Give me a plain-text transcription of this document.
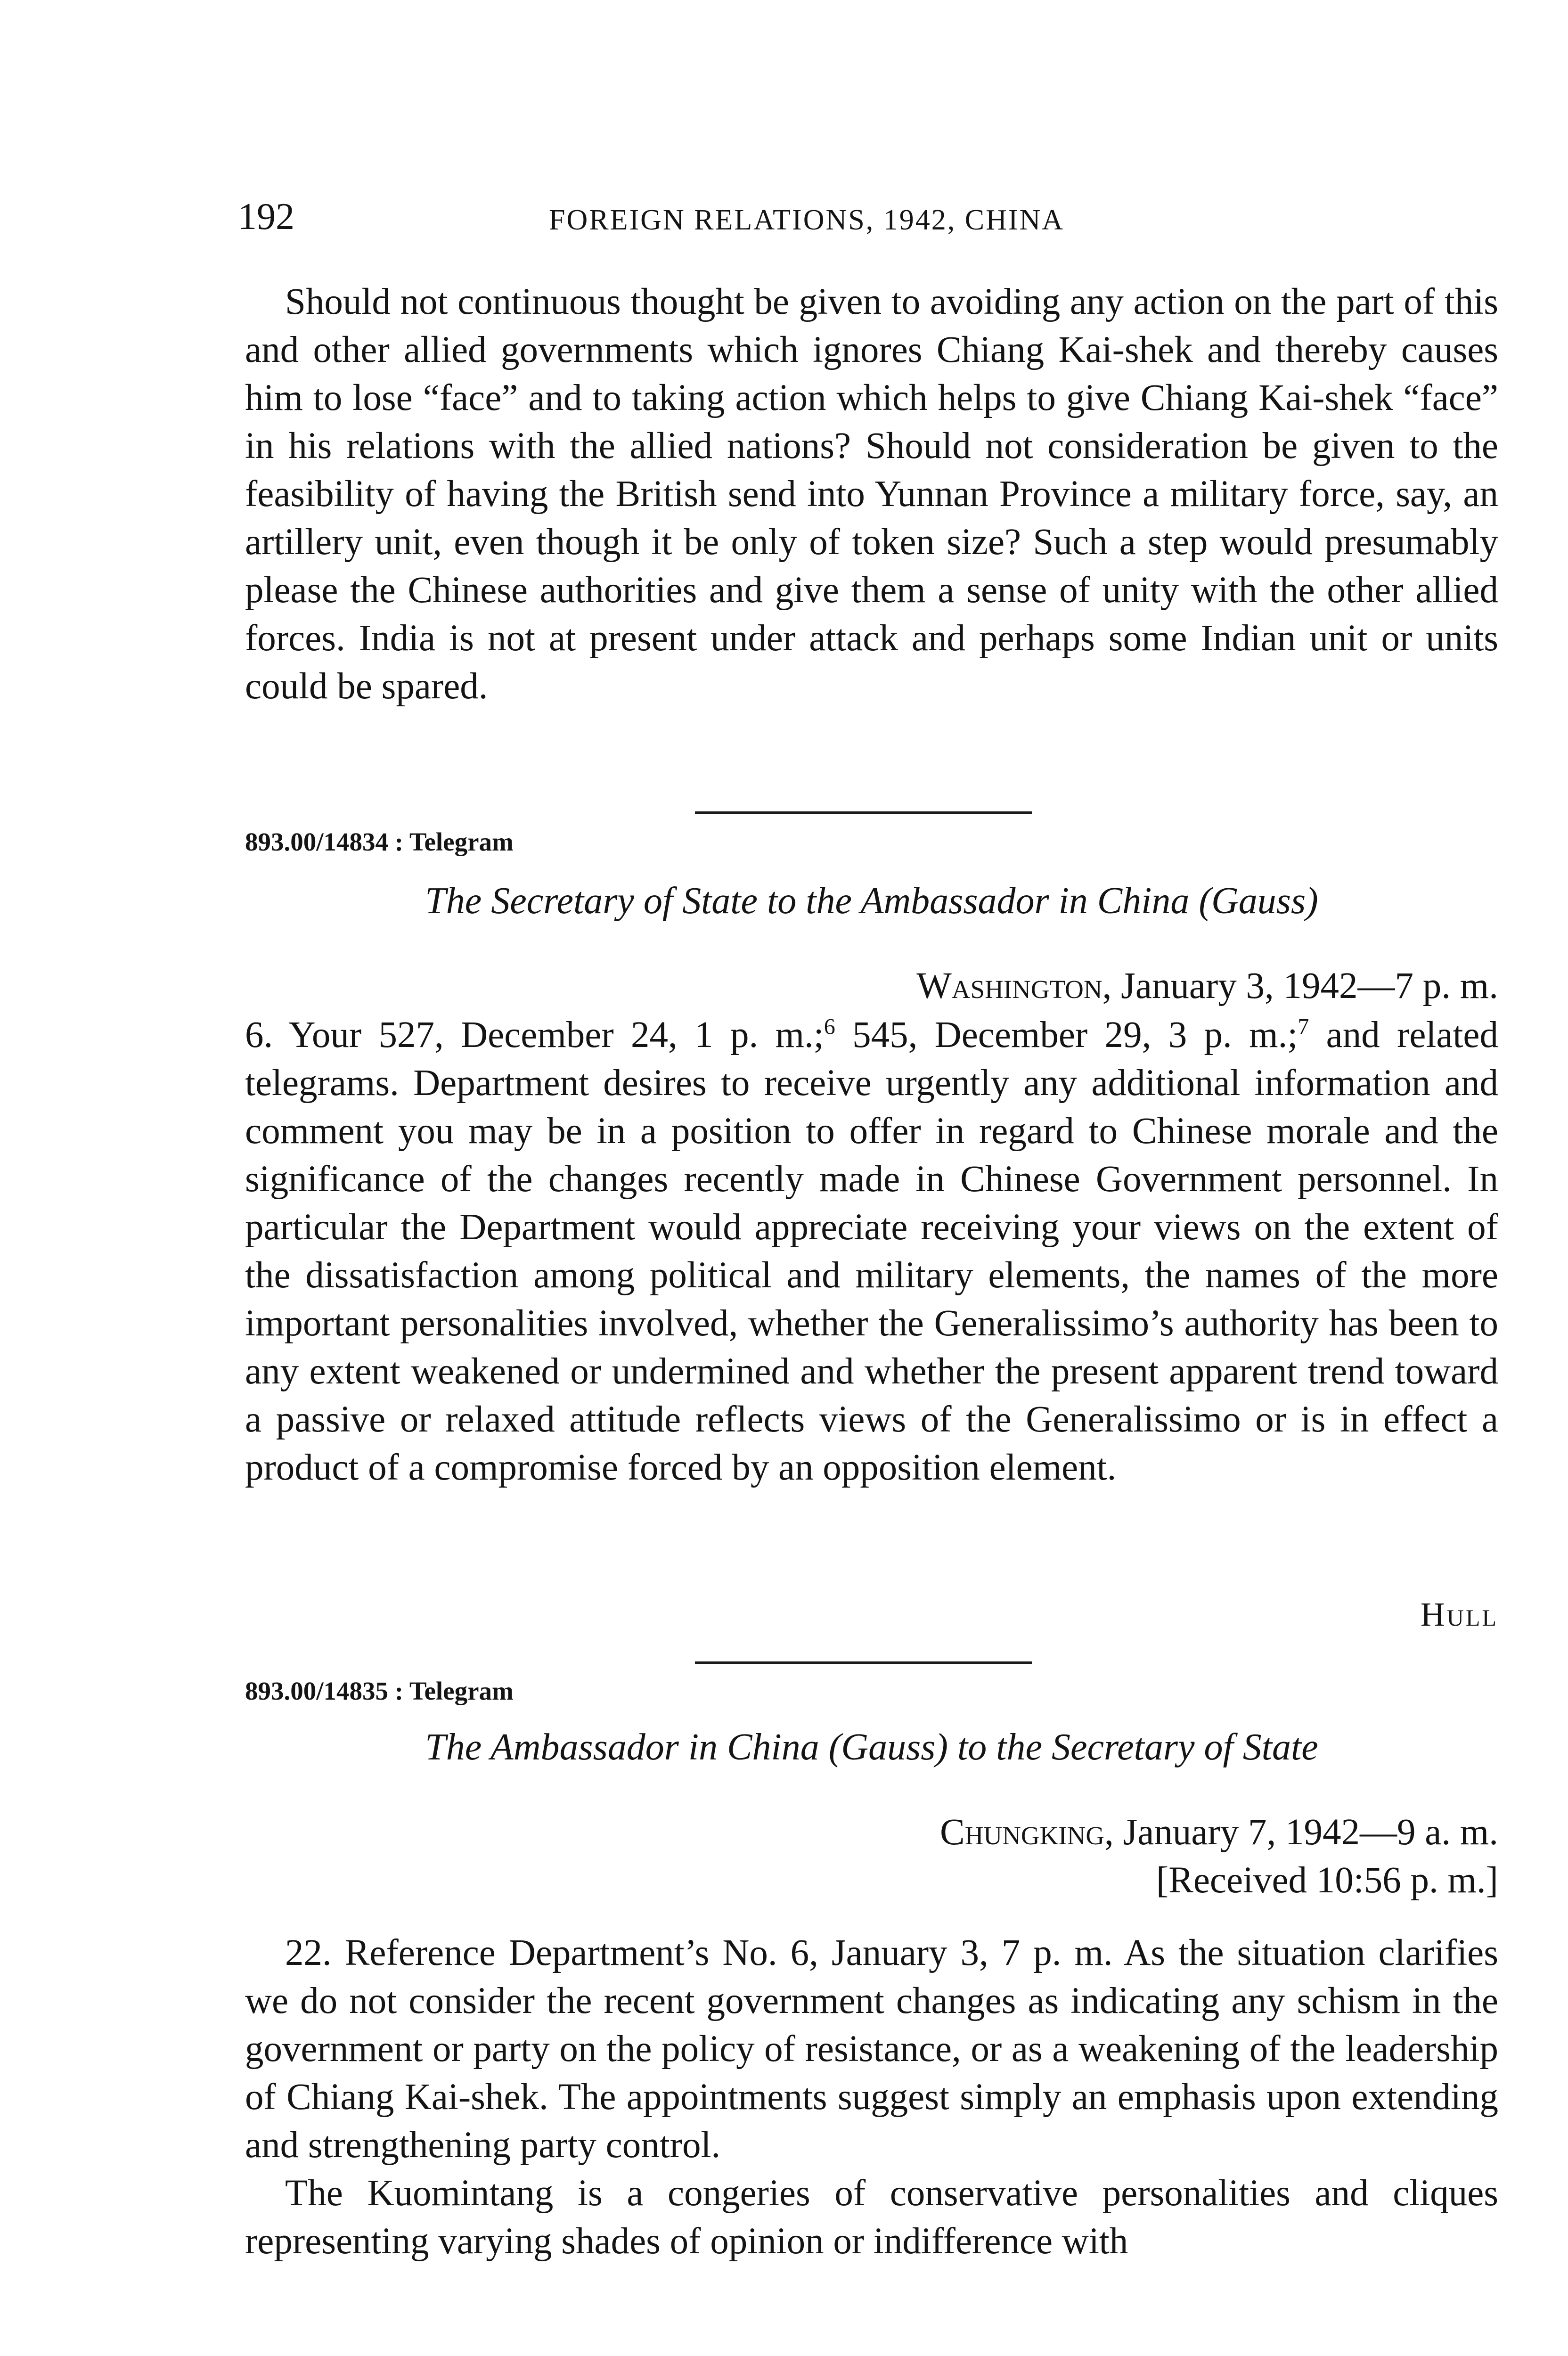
192	FOREIGN RELATIONS, 1942, CHINA

Should not continuous thought be given to avoiding any action on the part of this and other allied governments which ignores Chiang Kai-shek and thereby causes him to lose “face” and to taking action which helps to give Chiang Kai-shek “face” in his relations with the allied nations? Should not consideration be given to the feasibility of having the British send into Yunnan Province a military force, say, an artillery unit, even though it be only of token size? Such a step would presumably please the Chinese authorities and give them a sense of unity with the other allied forces. India is not at present under attack and perhaps some Indian unit or units could be spared.

893.00/14834 : Telegram
The Secretary of State to the Ambassador in China (Gauss)
Washington, January 3, 1942—7 p. m.

6. Your 527, December 24, 1 p. m.;$^6$ 545, December 29, 3 p. m.;$^7$ and related telegrams. Department desires to receive urgently any additional information and comment you may be in a position to offer in regard to Chinese morale and the significance of the changes recently made in Chinese Government personnel. In particular the Department would appreciate receiving your views on the extent of the dissatisfaction among political and military elements, the names of the more important personalities involved, whether the Generalissimo’s authority has been to any extent weakened or undermined and whether the present apparent trend toward a passive or relaxed attitude reflects views of the Generalissimo or is in effect a product of a compromise forced by an opposition element.

Hull
893.00/14835 : Telegram
The Ambassador in China (Gauss) to the Secretary of State
Chungking, January 7, 1942—9 a. m.
[Received 10:56 p. m.]

22. Reference Department’s No. 6, January 3, 7 p. m. As the situation clarifies we do not consider the recent government changes as indicating any schism in the government or party on the policy of resistance, or as a weakening of the leadership of Chiang Kai-shek. The appointments suggest simply an emphasis upon extending and strengthening party control.

The Kuomintang is a congeries of conservative personalities and cliques representing varying shades of opinion or indifference with
